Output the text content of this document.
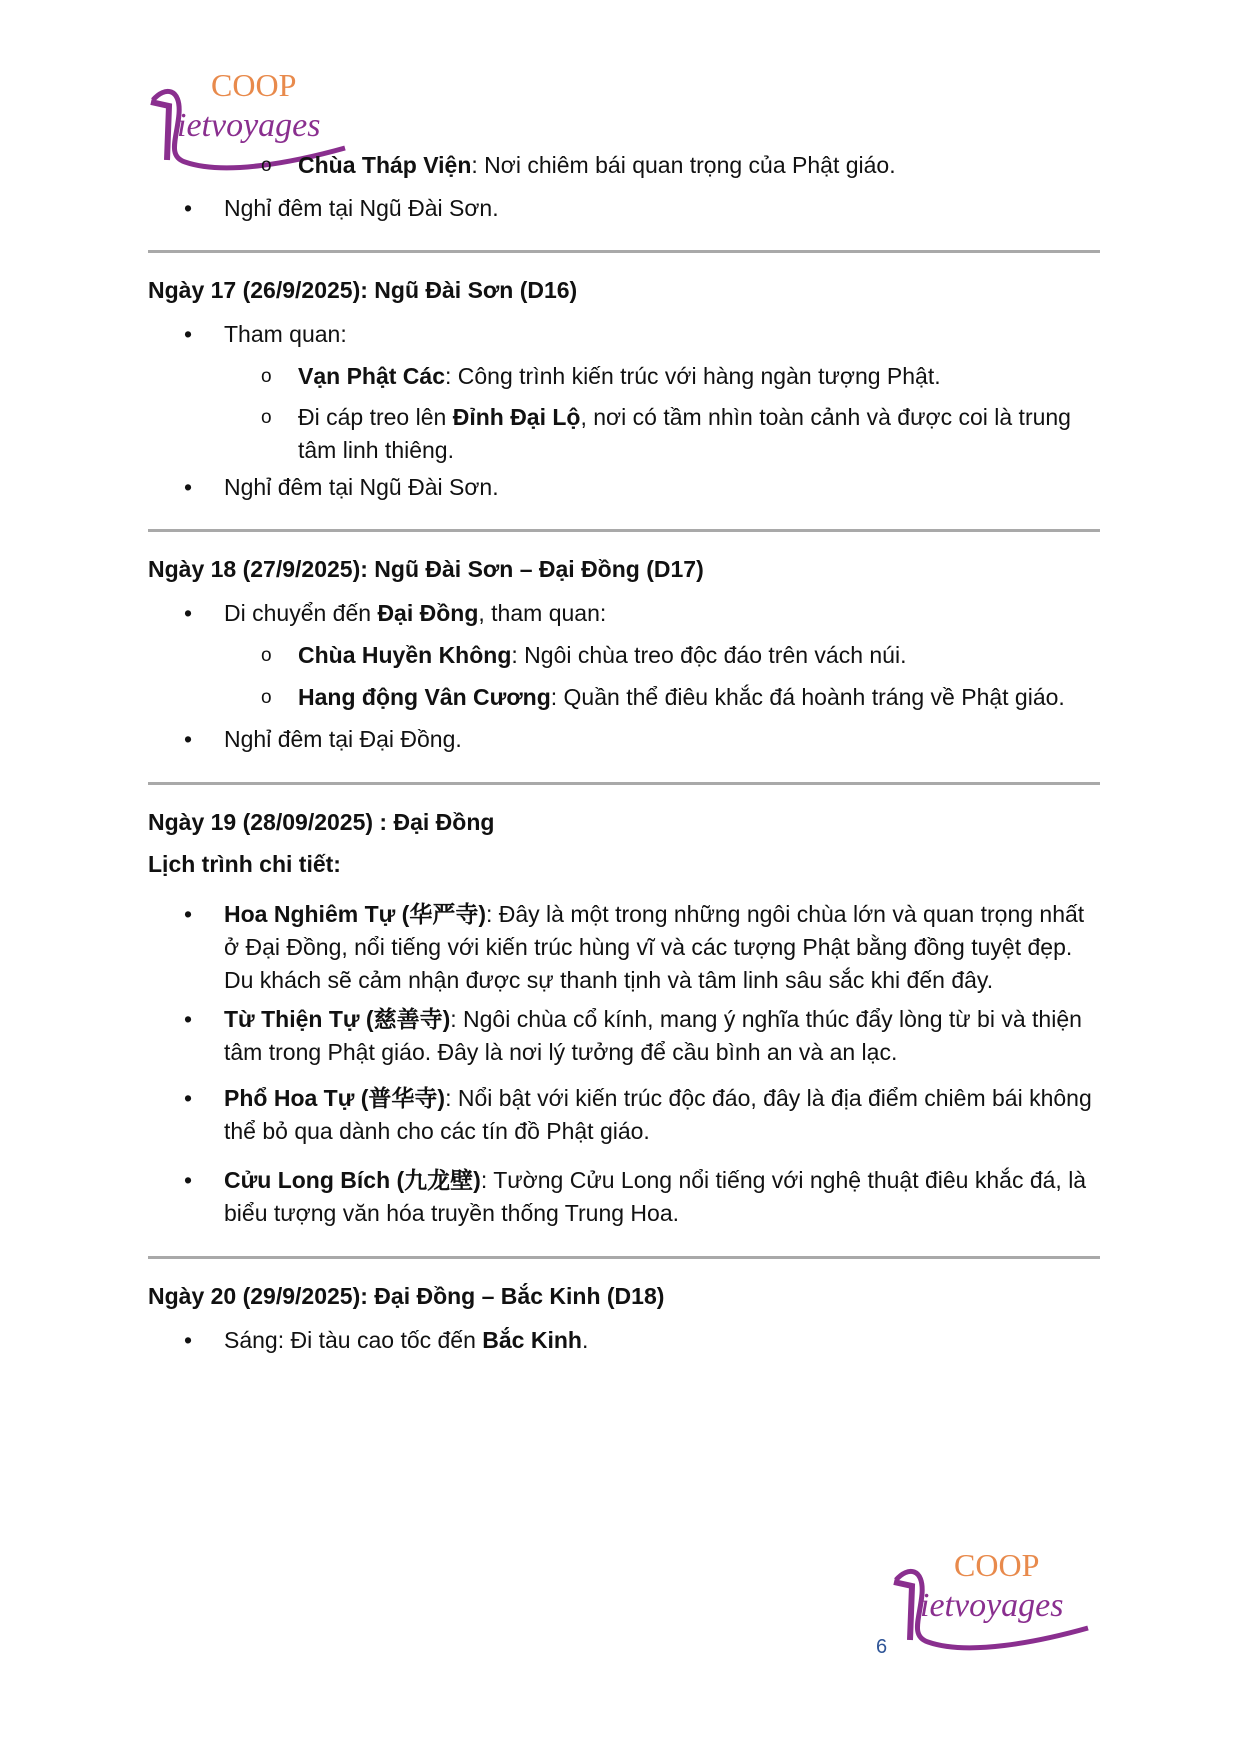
COOP
ietvoyages
o Chùa Tháp Viện: Nơi chiêm bái quan trọng của Phật giáo.
• Nghỉ đêm tại Ngũ Đài Sơn.
Ngày 17 (26/9/2025): Ngũ Đài Sơn (D16)
• Tham quan:
o Vạn Phật Các: Công trình kiến trúc với hàng ngàn tượng Phật.
o Đi cáp treo lên Đỉnh Đại Lộ, nơi có tầm nhìn toàn cảnh và được coi là trung tâm linh thiêng.
• Nghỉ đêm tại Ngũ Đài Sơn.
Ngày 18 (27/9/2025): Ngũ Đài Sơn – Đại Đồng (D17)
• Di chuyển đến Đại Đồng, tham quan:
o Chùa Huyền Không: Ngôi chùa treo độc đáo trên vách núi.
o Hang động Vân Cương: Quần thể điêu khắc đá hoành tráng về Phật giáo.
• Nghỉ đêm tại Đại Đồng.
Ngày 19 (28/09/2025) : Đại Đồng
Lịch trình chi tiết:
• Hoa Nghiêm Tự (华严寺): Đây là một trong những ngôi chùa lớn và quan trọng nhất ở Đại Đồng, nổi tiếng với kiến trúc hùng vĩ và các tượng Phật bằng đồng tuyệt đẹp. Du khách sẽ cảm nhận được sự thanh tịnh và tâm linh sâu sắc khi đến đây.
• Từ Thiện Tự (慈善寺): Ngôi chùa cổ kính, mang ý nghĩa thúc đẩy lòng từ bi và thiện tâm trong Phật giáo. Đây là nơi lý tưởng để cầu bình an và an lạc.
• Phổ Hoa Tự (普华寺): Nổi bật với kiến trúc độc đáo, đây là địa điểm chiêm bái không thể bỏ qua dành cho các tín đồ Phật giáo.
• Cửu Long Bích (九龙壁): Tường Cửu Long nổi tiếng với nghệ thuật điêu khắc đá, là biểu tượng văn hóa truyền thống Trung Hoa.
Ngày 20 (29/9/2025): Đại Đồng – Bắc Kinh (D18)
• Sáng: Đi tàu cao tốc đến Bắc Kinh.
COOP
ietvoyages
6
